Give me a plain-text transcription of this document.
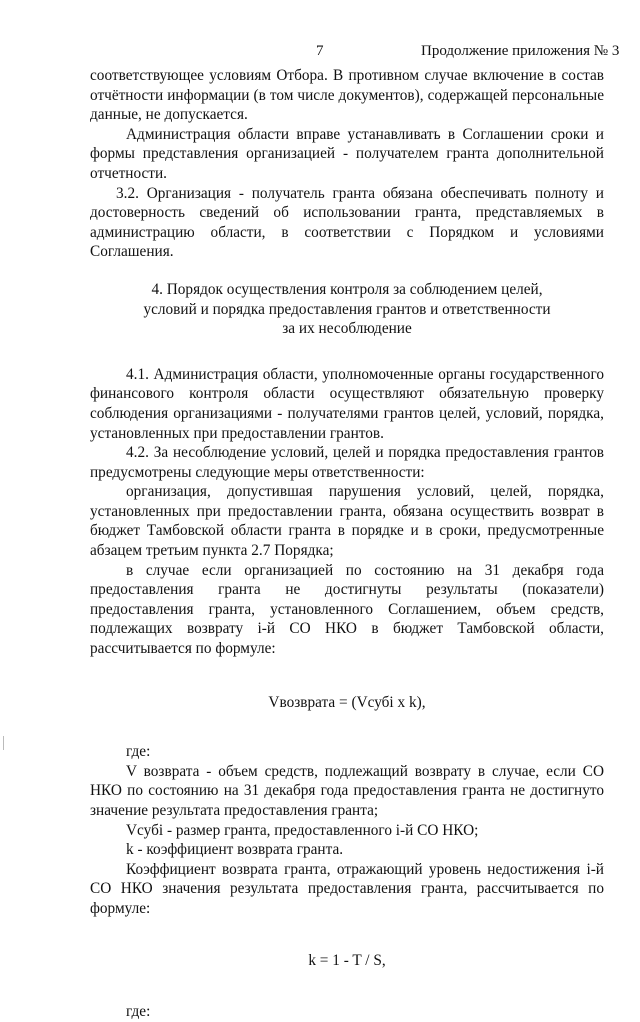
7	Продолжение приложения № 3

соответствующее условиям Отбора. В противном случае включение в состав отчётности информации (в том числе документов), содержащей персональные данные, не допускается.

Администрация области вправе устанавливать в Соглашении сроки и формы представления организацией - получателем гранта дополнительной отчетности.

3.2. Организация - получатель гранта обязана обеспечивать полноту и достоверность сведений об использовании гранта, представляемых в администрацию области, в соответствии с Порядком и условиями Соглашения.

4. Порядок осуществления контроля за соблюдением целей,
условий и порядка предоставления грантов и ответственности
за их несоблюдение

4.1. Администрация области, уполномоченные органы государственного финансового контроля области осуществляют обязательную проверку соблюдения организациями - получателями грантов целей, условий, порядка, установленных при предоставлении грантов.

4.2. За несоблюдение условий, целей и порядка предоставления грантов предусмотрены следующие меры ответственности:

организация, допустившая парушения условий, целей, порядка, установленных при предоставлении гранта, обязана осуществить возврат в бюджет Тамбовской области гранта в порядке и в сроки, предусмотренные абзацем третьим пункта 2.7 Порядка;

в случае если организацией по состоянию на 31 декабря года предоставления гранта не достигнуты результаты (показатели) предоставления гранта, установленного Соглашением, объем средств, подлежащих возврату i-й СО НКО в бюджет Тамбовской области, рассчитывается по формуле:

Vвозврата = (Vсубi x k),

где:

V возврата - объем средств, подлежащий возврату в случае, если СО НКО по состоянию на 31 декабря года предоставления гранта не достигнуто значение результата предоставления гранта;

Vсубi - размер гранта, предоставленного i-й СО НКО;

k - коэффициент возврата гранта.

Коэффициент возврата гранта, отражающий уровень недостижения i-й СО НКО значения результата предоставления гранта, рассчитывается по формуле:

k = 1 - T / S,

где:
